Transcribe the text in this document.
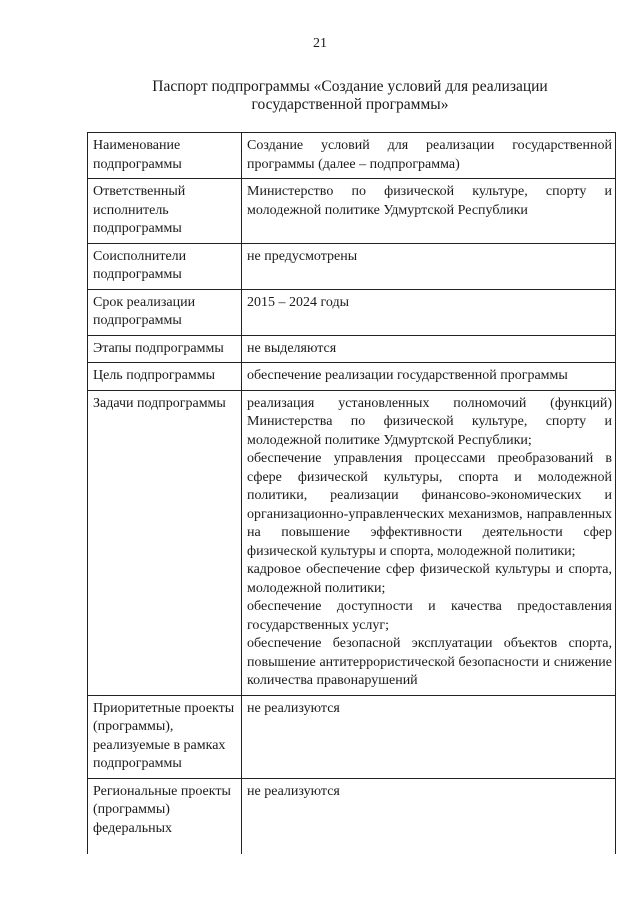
21
Паспорт подпрограммы «Создание условий для реализации
государственной программы»
Наименование подпрограммы	Создание условий для реализации государственной программы (далее – подпрограмма)

Ответственный исполнитель подпрограммы	Министерство по физической культуре, спорту и молодежной политике Удмуртской Республики

Соисполнители подпрограммы	не предусмотрены

Срок реализации подпрограммы	2015 – 2024 годы

Этапы подпрограммы	не выделяются

Цель подпрограммы	обеспечение реализации государственной программы

Задачи подпрограммы	реализация установленных полномочий (функций) Министерства по физической культуре, спорту и молодежной политике Удмуртской Республики;
обеспечение управления процессами преобразований в сфере физической культуры, спорта и молодежной политики, реализации финансово-экономических и организационно-управленческих механизмов, направленных на повышение эффективности деятельности сфер физической культуры и спорта, молодежной политики;
кадровое обеспечение сфер физической культуры и спорта, молодежной политики;
обеспечение доступности и качества предоставления государственных услуг;
обеспечение безопасной эксплуатации объектов спорта, повышение антитеррористической безопасности и снижение количества правонарушений

Приоритетные проекты (программы), реализуемые в рамках подпрограммы	не реализуются

Региональные проекты (программы) федеральных	не реализуются
